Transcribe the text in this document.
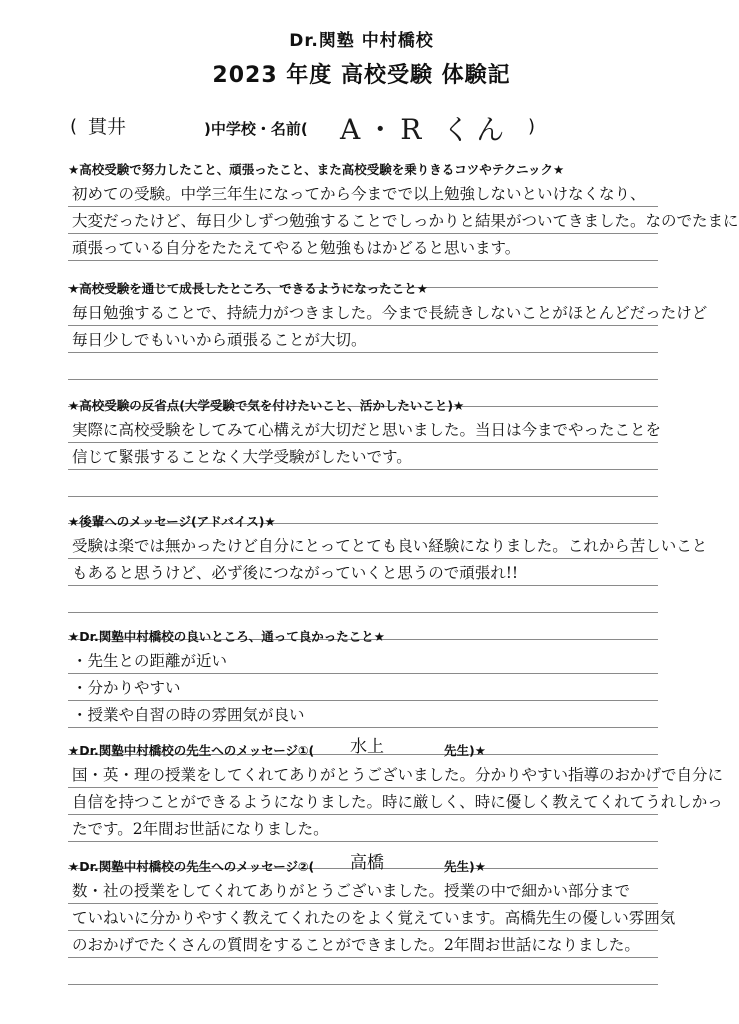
Dr.関塾 中村橋校
2023 年度 高校受験 体験記
( 貫井	)中学校・名前( A・R くん )
★高校受験で努力したこと、頑張ったこと、また高校受験を乗りきるコツやテクニック★
初めての受験。中学三年生になってから今までで以上勉強しないといけなくなり、
大変だったけど、毎日少しずつ勉強することでしっかりと結果がついてきました。なのでたまに
頑張っている自分をたたえてやると勉強もはかどると思います。
★高校受験を通じて成長したところ、できるようになったこと★
毎日勉強することで、持続力がつきました。今まで長続きしないことがほとんどだったけど
毎日少しでもいいから頑張ることが大切。
★高校受験の反省点(大学受験で気を付けたいこと、活かしたいこと)★
実際に高校受験をしてみて心構えが大切だと思いました。当日は今までやったことを
信じて緊張することなく大学受験がしたいです。
★後輩へのメッセージ(アドバイス)★
受験は楽では無かったけど自分にとってとても良い経験になりました。これから苦しいこと
もあると思うけど、必ず後につながっていくと思うので頑張れ!!
★Dr.関塾中村橋校の良いところ、通って良かったこと★
・先生との距離が近い
・分かりやすい
・授業や自習の時の雰囲気が良い
★Dr.関塾中村橋校の先生へのメッセージ①( 水上	先生)★
国・英・理の授業をしてくれてありがとうございました。分かりやすい指導のおかげで自分に
自信を持つことができるようになりました。時に厳しく、時に優しく教えてくれてうれしかっ
たです。2年間お世話になりました。
★Dr.関塾中村橋校の先生へのメッセージ②( 高橋	先生)★
数・社の授業をしてくれてありがとうございました。授業の中で細かい部分まで
ていねいに分かりやすく教えてくれたのをよく覚えています。高橋先生の優しい雰囲気
のおかげでたくさんの質問をすることができました。2年間お世話になりました。
